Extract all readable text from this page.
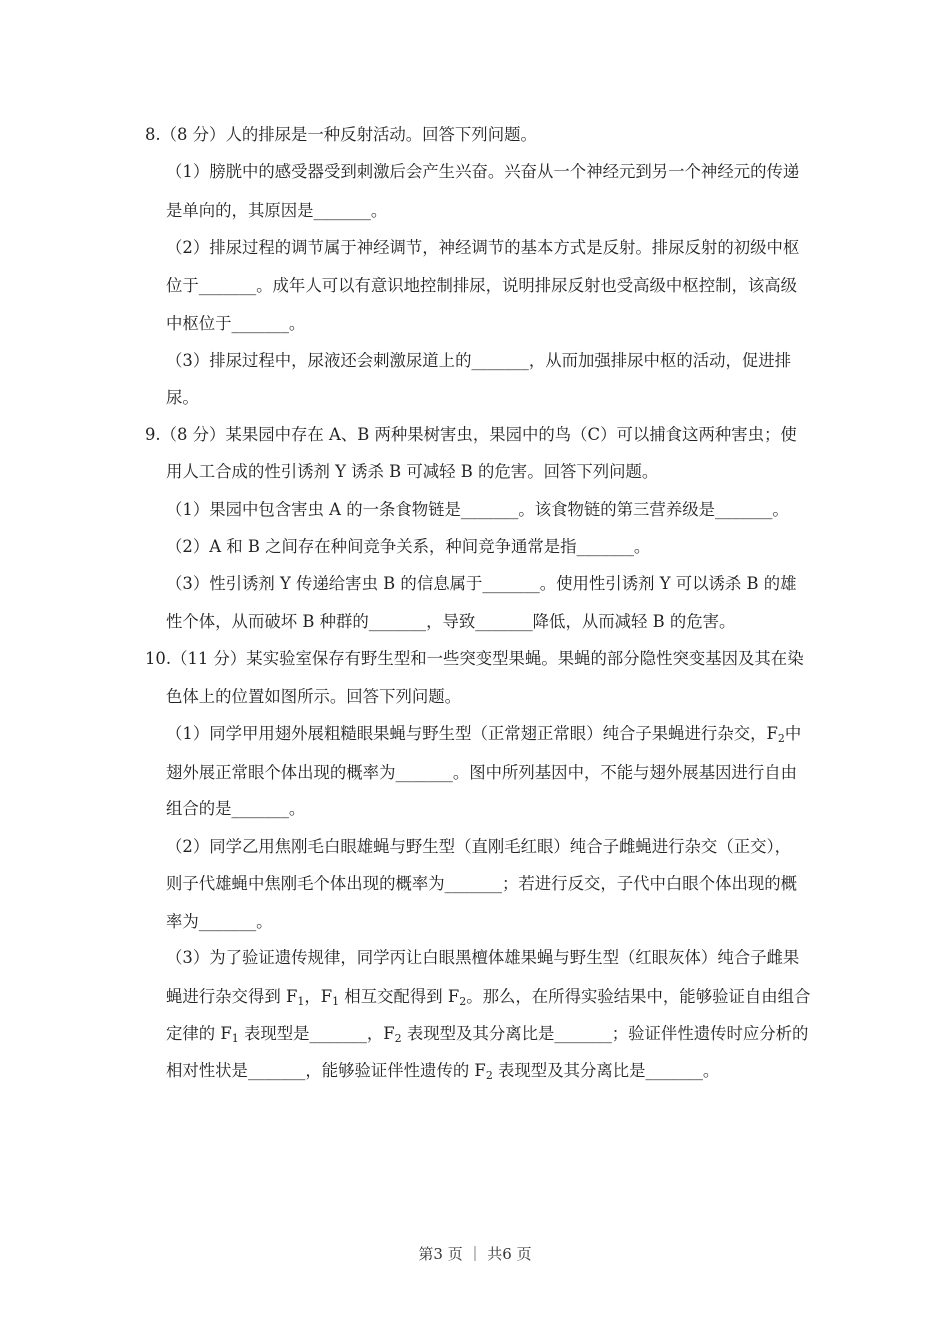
8.（8 分）人的排尿是一种反射活动。回答下列问题。
（1）膀胱中的感受器受到刺激后会产生兴奋。兴奋从一个神经元到另一个神经元的传递
是单向的，其原因是_______。
（2）排尿过程的调节属于神经调节，神经调节的基本方式是反射。排尿反射的初级中枢
位于_______。成年人可以有意识地控制排尿，说明排尿反射也受高级中枢控制，该高级
中枢位于_______。
（3）排尿过程中，尿液还会刺激尿道上的_______，从而加强排尿中枢的活动，促进排
尿。
9.（8 分）某果园中存在 A、B 两种果树害虫，果园中的鸟（C）可以捕食这两种害虫；使
用人工合成的性引诱剂 Y 诱杀 B 可减轻 B 的危害。回答下列问题。
（1）果园中包含害虫 A 的一条食物链是_______。该食物链的第三营养级是_______。
（2）A 和 B 之间存在种间竞争关系，种间竞争通常是指_______。
（3）性引诱剂 Y 传递给害虫 B 的信息属于_______。使用性引诱剂 Y 可以诱杀 B 的雄
性个体，从而破坏 B 种群的_______，导致_______降低，从而减轻 B 的危害。
10.（11 分）某实验室保存有野生型和一些突变型果蝇。果蝇的部分隐性突变基因及其在染
色体上的位置如图所示。回答下列问题。
（1）同学甲用翅外展粗糙眼果蝇与野生型（正常翅正常眼）纯合子果蝇进行杂交，$F_2$中
翅外展正常眼个体出现的概率为_______。图中所列基因中，不能与翅外展基因进行自由
组合的是_______。
（2）同学乙用焦刚毛白眼雄蝇与野生型（直刚毛红眼）纯合子雌蝇进行杂交（正交），
则子代雄蝇中焦刚毛个体出现的概率为_______；若进行反交，子代中白眼个体出现的概
率为_______。
（3）为了验证遗传规律，同学丙让白眼黑檀体雄果蝇与野生型（红眼灰体）纯合子雌果
蝇进行杂交得到 $F_1$，$F_1$ 相互交配得到 $F_2$。那么，在所得实验结果中，能够验证自由组合
定律的 $F_1$ 表现型是_______，$F_2$ 表现型及其分离比是_______；验证伴性遗传时应分析的
相对性状是_______，能够验证伴性遗传的 $F_2$ 表现型及其分离比是_______。
第3 页 ｜ 共6 页
